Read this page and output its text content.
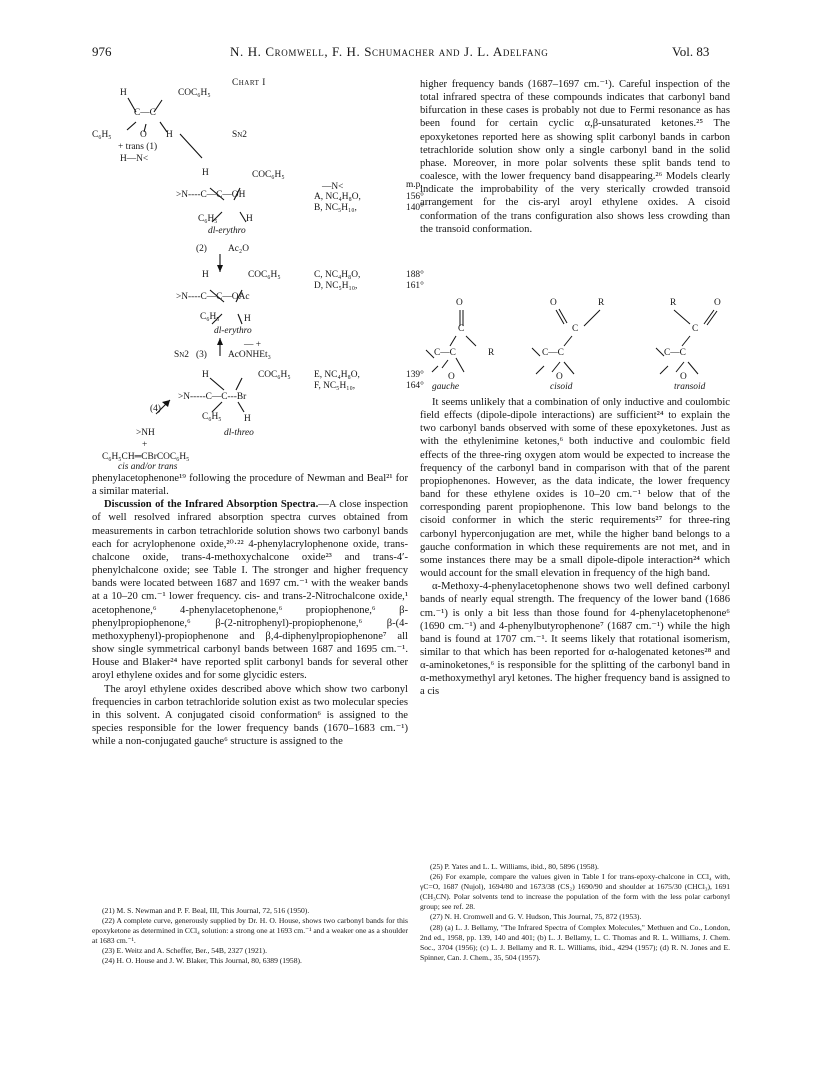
976	N. H. Cromwell, F. H. Schumacher and J. L. Adelfang	Vol. 83
Chart I
H	COC₆H₅
C—C
C₆H₅	O H	Sn2
+ trans (1)
H—N<
H	COC₆H₅
—N<	m.p.
>N----C—C—OH	A, NC₄H₈O,	156°
B, NC₅H₁₀,	140°
C₆H₅	H
dl-erythro
(2) Ac₂O
H	COC₆H₅	C, NC₄H₈O,	188°
D, NC₅H₁₀,	161°
>N----C—C—OAc
C₆H₅	H
dl-erythro
— +
Sn2 (3) AcONHEt₃
H	COC₆H₅ E, NC₄H₈O,	139°
F, NC₅H₁₀,	164°
>N-----C—C---Br
(4)
C₆H₅ H
>NH	dl-threo
+
C₆H₅CH═CBrCOC₆H₅
cis and/or trans

phenylacetophenone¹⁹ following the procedure of Newman and Beal²¹ for a similar material.

Discussion of the Infrared Absorption Spectra.—A close inspection of well resolved infrared absorption spectra curves obtained from measurements in carbon tetrachloride solution shows two carbonyl bands each for acrylophenone oxide,²⁰·²² 4-phenylacrylophenone oxide, trans-chalcone oxide, trans-4-methoxychalcone oxide²³ and trans-4′-phenylchalcone oxide; see Table I. The stronger and higher frequency bands were located between 1687 and 1697 cm.⁻¹ with the weaker bands at a 10–20 cm.⁻¹ lower frequency. cis- and trans-2-Nitrochalcone oxide,¹ acetophenone,⁶ 4-phenylacetophenone,⁶ propiophenone,⁶ β-phenylpropiophenone,⁶ β-(2-nitrophenyl)-propiophenone,⁶ β-(4-methoxyphenyl)-propiophenone and β,4-diphenylpropiophenone⁷ all show single symmetrical carbonyl bands between 1687 and 1695 cm.⁻¹. House and Blaker²⁴ have reported split carbonyl bands for several other aroyl ethylene oxides and for some glycidic esters.

The aroyl ethylene oxides described above which show two carbonyl frequencies in carbon tetrachloride solution exist as two molecular species in this solvent. A conjugated cisoid conformation⁶ is assigned to the species responsible for the lower frequency bands (1670–1683 cm.⁻¹) while a non-conjugated gauche⁶ structure is assigned to the

(21) M. S. Newman and P. F. Beal, III, This Journal, 72, 516 (1950).

(22) A complete curve, generously supplied by Dr. H. O. House, shows two carbonyl bands for this epoxyketone as determined in CCl₄ solution: a strong one at 1693 cm.⁻¹ and a weaker one as a shoulder at 1683 cm.⁻¹.

(23) E. Weitz and A. Scheffer, Ber., 54B, 2327 (1921).

(24) H. O. House and J. W. Blaker, This Journal, 80, 6389 (1958).

higher frequency bands (1687–1697 cm.⁻¹). Careful inspection of the total infrared spectra of these compounds indicates that carbonyl band bifurcation in these cases is probably not due to Fermi resonance as has been found for certain cyclic α,β-unsaturated ketones.²⁵ The epoxyketones reported here as showing split carbonyl bands in carbon tetrachloride solution show only a single carbonyl band in the solid phase. Moreover, in more polar solvents these split bands tend to coalesce, with the lower frequency band disappearing.²⁶ Models clearly indicate the improbability of the very sterically crowded transoid arrangement for the cis-aryl aroyl ethylene oxides. A cisoid conformation of the trans configuration also shows less crowding than the transoid conformation.

O
C
C—C	R
O
gauche
O	R
C
C—C
O
cisoid
R	O
C
C—C
O
transoid

It seems unlikely that a combination of only inductive and coulombic field effects (dipole-dipole interactions) are sufficient²⁴ to explain the two carbonyl bands observed with some of these epoxyketones. Just as with the ethylenimine ketones,⁶ both inductive and coulombic field effects of the three-ring oxygen atom would be expected to increase the frequency of the carbonyl band in comparison with that of the parent propiophenones. However, as the data indicate, the lower frequency band for these ethylene oxides is 10–20 cm.⁻¹ below that of the corresponding parent propiophenone. This low band belongs to the cisoid conformer in which the steric requirements²⁷ for three-ring carbonyl hyperconjugation are met, while the higher band belongs to a gauche conformation in which these requirements are not met, and in some instances there may be a small dipole-dipole interaction²⁴ which would account for the small elevation in frequency of the high band.

α-Methoxy-4-phenylacetophenone shows two well defined carbonyl bands of nearly equal strength. The frequency of the lower band (1686 cm.⁻¹) is only a bit less than those found for 4-phenylacetophenone⁶ (1690 cm.⁻¹) and 4-phenylbutyrophenone⁷ (1687 cm.⁻¹) while the high band is found at 1707 cm.⁻¹. It seems likely that rotational isomerism, similar to that which has been reported for α-halogenated ketones²⁸ and α-aminoketones,⁶ is responsible for the splitting of the carbonyl band in α-methoxymethyl aryl ketones. The higher frequency band is assigned to a cis

(25) P. Yates and L. L. Williams, ibid., 80, 5896 (1958).

(26) For example, compare the values given in Table I for trans-epoxy-chalcone in CCl₄ with, γC=O, 1687 (Nujol), 1694/80 and 1673/38 (CS₂) 1690/90 and shoulder at 1675/30 (CHCl₃), 1691 (CH₃CN). Polar solvents tend to increase the population of the form with the less polar carbonyl group; see ref. 28.

(27) N. H. Cromwell and G. V. Hudson, This Journal, 75, 872 (1953).

(28) (a) L. J. Bellamy, "The Infrared Spectra of Complex Molecules," Methuen and Co., London, 2nd ed., 1958, pp. 139, 140 and 401; (b) L. J. Bellamy, L. C. Thomas and R. L. Williams, J. Chem. Soc., 3704 (1956); (c) L. J. Bellamy and R. L. Williams, ibid., 4294 (1957); (d) R. N. Jones and E. Spinner, Can. J. Chem., 35, 504 (1957).
